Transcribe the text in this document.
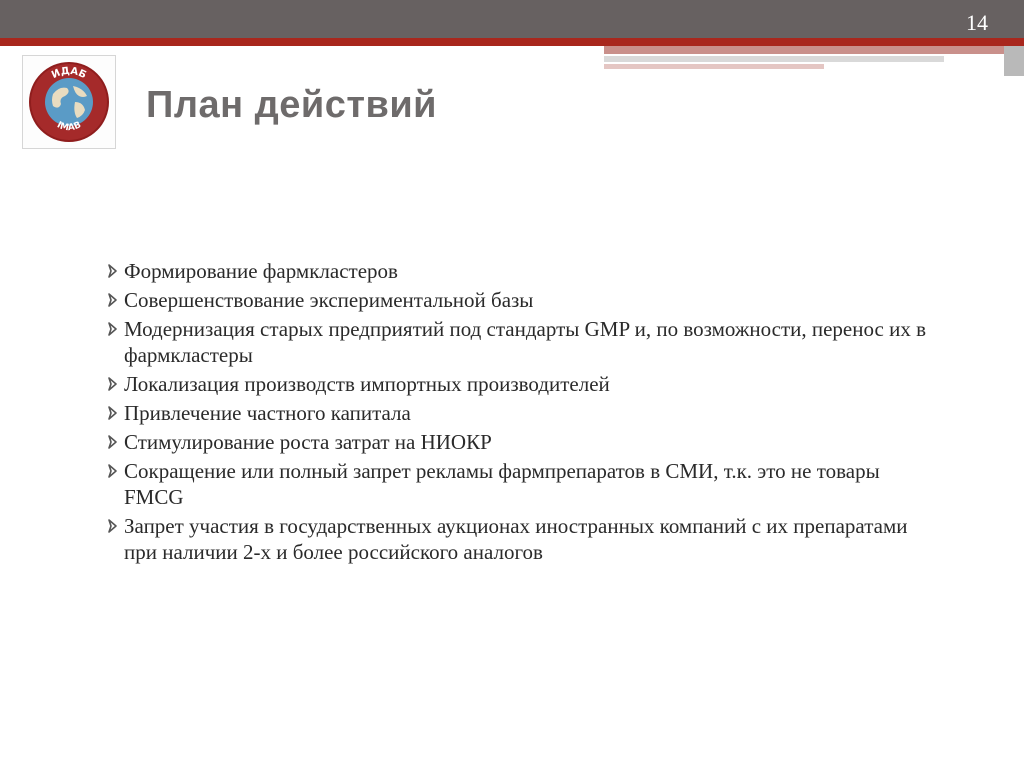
14
ИДАБ
IMAB
План действий
Формирование фармкластеров
Совершенствование экспериментальной базы
Модернизация старых предприятий под стандарты GMP и, по возможности, перенос их в фармкластеры
Локализация производств импортных производителей
Привлечение частного капитала
Стимулирование роста затрат на НИОКР
Сокращение или полный запрет рекламы фармпрепаратов в СМИ, т.к. это не товары FMCG
Запрет участия в государственных аукционах иностранных компаний с их препаратами при наличии 2-х и более российского аналогов
